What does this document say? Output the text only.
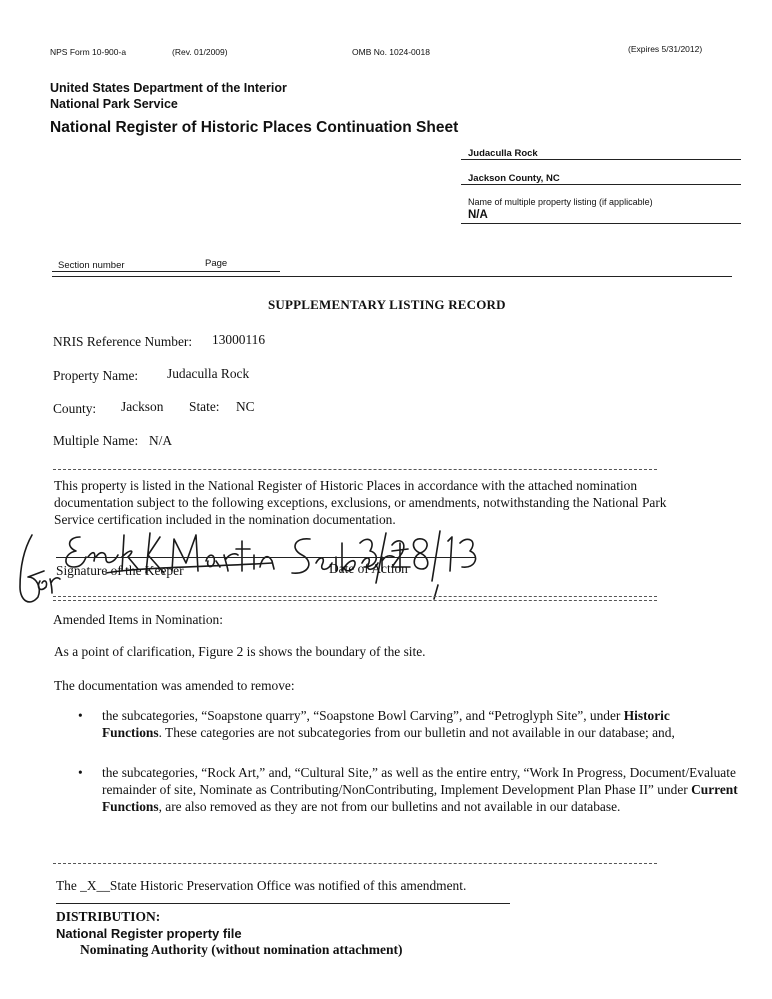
NPS Form 10-900-a	(Rev. 01/2009)	OMB No. 1024-0018	(Expires 5/31/2012)
United States Department of the Interior
National Park Service
National Register of Historic Places Continuation Sheet
Judaculla Rock
Jackson County, NC
Name of multiple property listing (if applicable)
N/A
Section number	Page
SUPPLEMENTARY LISTING RECORD
NRIS Reference Number: 13000116
Property Name: Judaculla Rock
County: Jackson State: NC
Multiple Name: N/A
This property is listed in the National Register of Historic Places in accordance with the attached nomination documentation subject to the following exceptions, exclusions, or amendments, notwithstanding the National Park Service certification included in the nomination documentation.
Signature of the Keeper	Date of Action
Amended Items in Nomination:
As a point of clarification, Figure 2 is shows the boundary of the site.
The documentation was amended to remove:
• the subcategories, “Soapstone quarry”, “Soapstone Bowl Carving”, and “Petroglyph Site”, under Historic Functions. These categories are not subcategories from our bulletin and not available in our database; and,
• the subcategories, “Rock Art,” and, “Cultural Site,” as well as the entire entry, “Work In Progress, Document/Evaluate remainder of site, Nominate as Contributing/NonContributing, Implement Development Plan Phase II” under Current Functions, are also removed as they are not from our bulletins and not available in our database.
The _X__State Historic Preservation Office was notified of this amendment.
DISTRIBUTION:
National Register property file
Nominating Authority (without nomination attachment)
